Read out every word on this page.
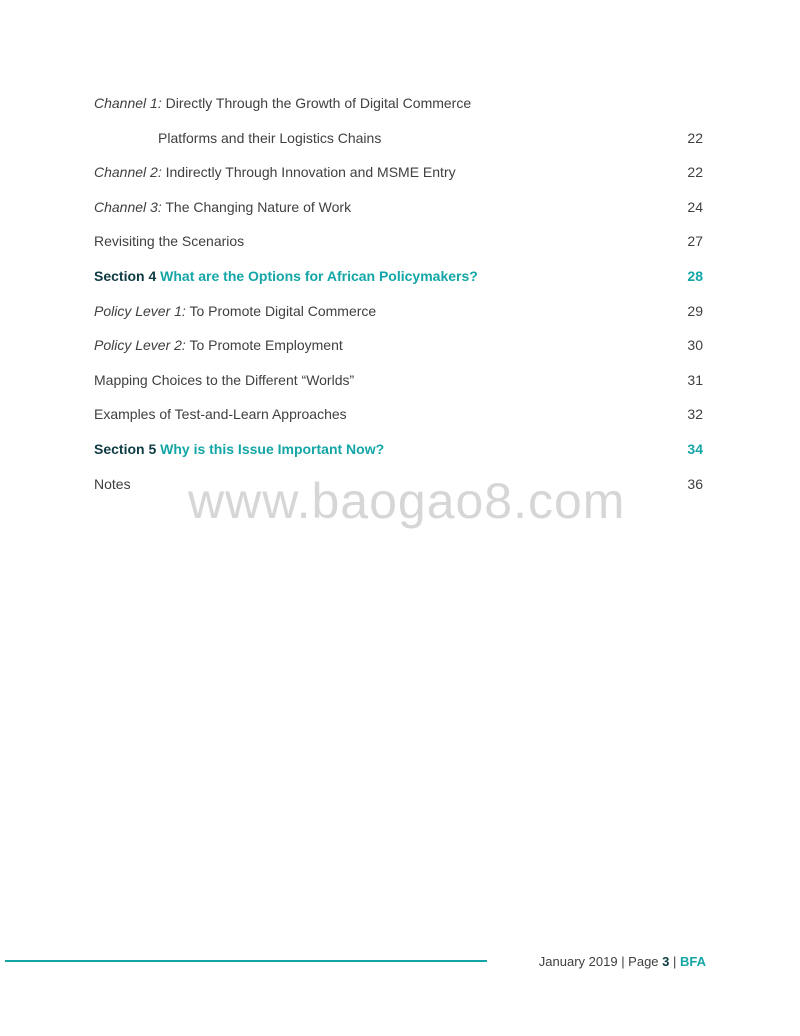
Channel 1: Directly Through the Growth of Digital Commerce
Platforms and their Logistics Chains	22
Channel 2: Indirectly Through Innovation and MSME Entry	22
Channel 3: The Changing Nature of Work	24
Revisiting the Scenarios	27
Section 4 What are the Options for African Policymakers?	28
Policy Lever 1: To Promote Digital Commerce	29
Policy Lever 2: To Promote Employment	30
Mapping Choices to the Different “Worlds”	31
Examples of Test-and-Learn Approaches	32
Section 5 Why is this Issue Important Now?	34
Notes	36
www.baogao8.com
January 2019 | Page 3 | BFA
